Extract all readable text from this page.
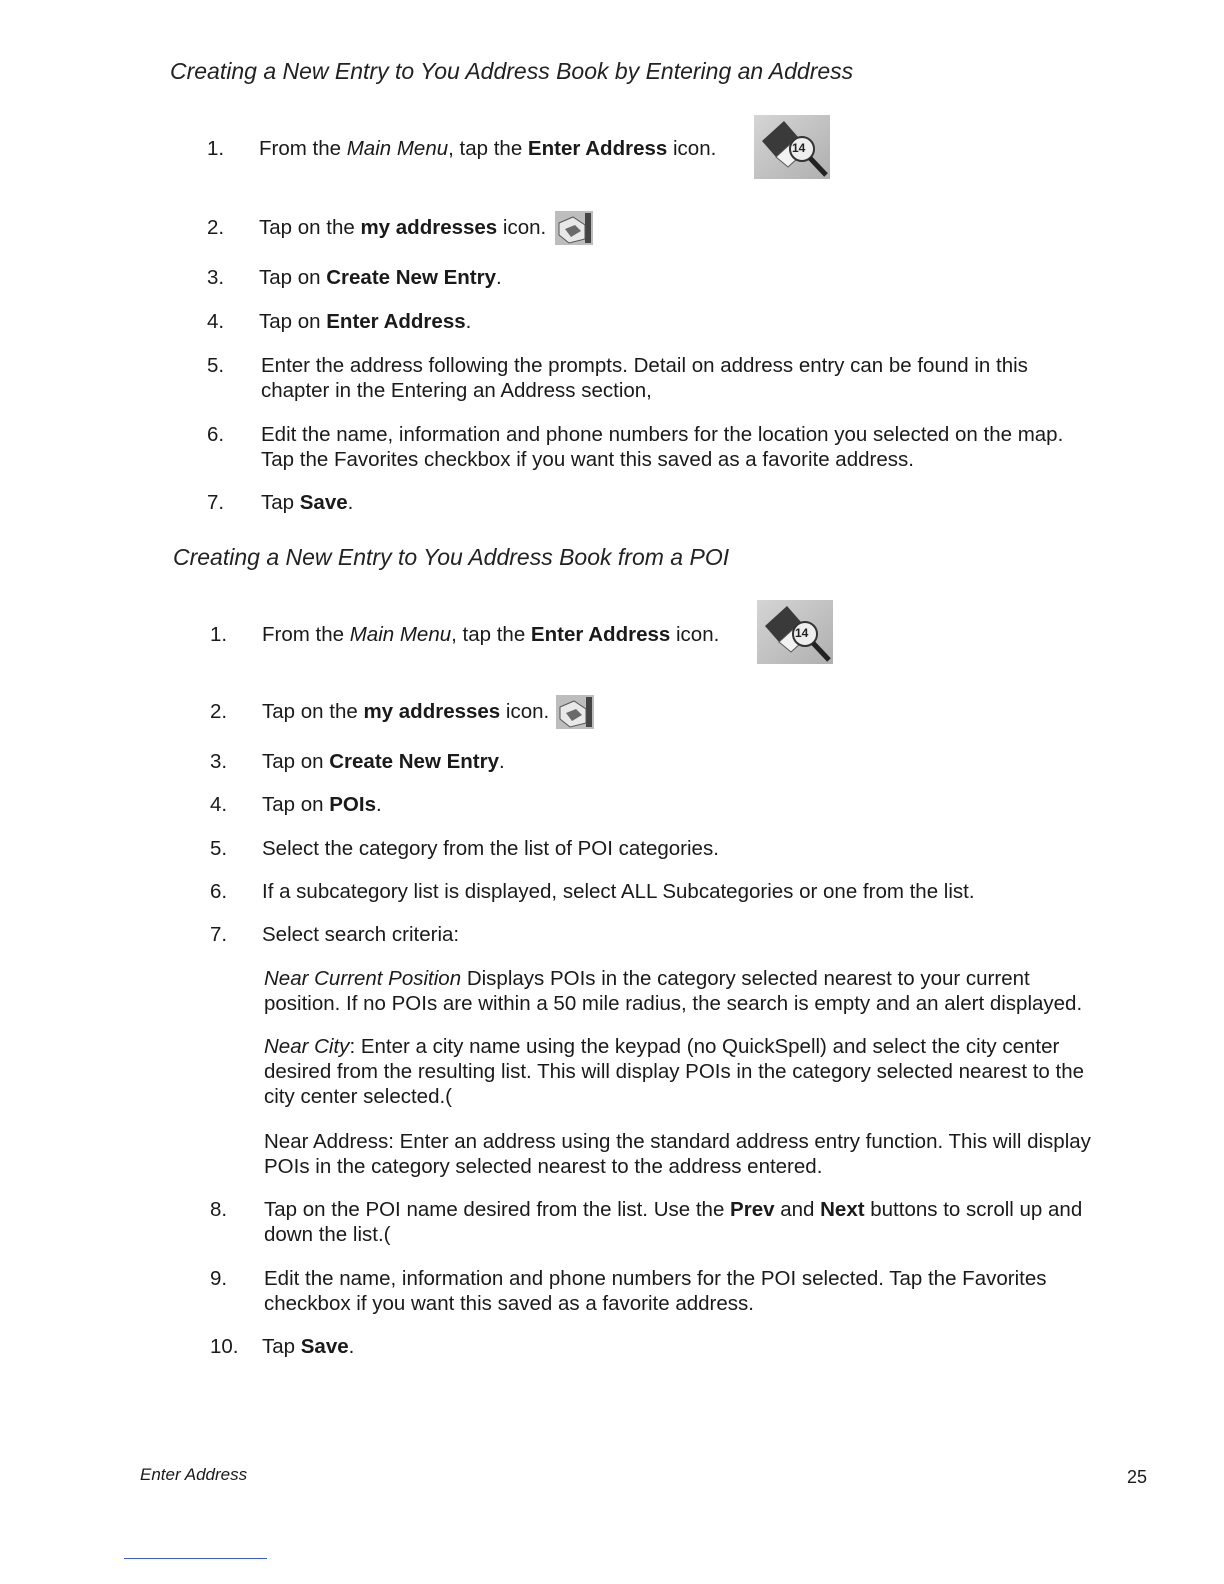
Creating a New Entry to You Address Book by Entering an Address
1.	From the Main Menu, tap the Enter Address icon.	14
2.	Tap on the my addresses icon.
3.	Tap on Create New Entry.
4.	Tap on Enter Address.
5.	Enter the address following the prompts. Detail on address entry can be found in this
chapter in the Entering an Address section,
6.	Edit the name, information and phone numbers for the location you selected on the map.
Tap the Favorites checkbox if you want this saved as a favorite address.
7.	Tap Save.
Creating a New Entry to You Address Book from a POI
1.	From the Main Menu, tap the Enter Address icon.	14
2.	Tap on the my addresses icon.
3.	Tap on Create New Entry.
4.	Tap on POIs.
5.	Select the category from the list of POI categories.
6.	If a subcategory list is displayed, select ALL Subcategories or one from the list.
7.	Select search criteria:
Near Current Position Displays POIs in the category selected nearest to your current
position. If no POIs are within a 50 mile radius, the search is empty and an alert displayed.
Near City: Enter a city name using the keypad (no QuickSpell) and select the city center
desired from the resulting list. This will display POIs in the category selected nearest to the
city center selected.(
Near Address: Enter an address using the standard address entry function. This will display
POIs in the category selected nearest to the address entered.
8.	Tap on the POI name desired from the list. Use the Prev and Next buttons to scroll up and
down the list.(
9.	Edit the name, information and phone numbers for the POI selected. Tap the Favorites
checkbox if you want this saved as a favorite address.
10.	Tap Save.
Enter Address	25
